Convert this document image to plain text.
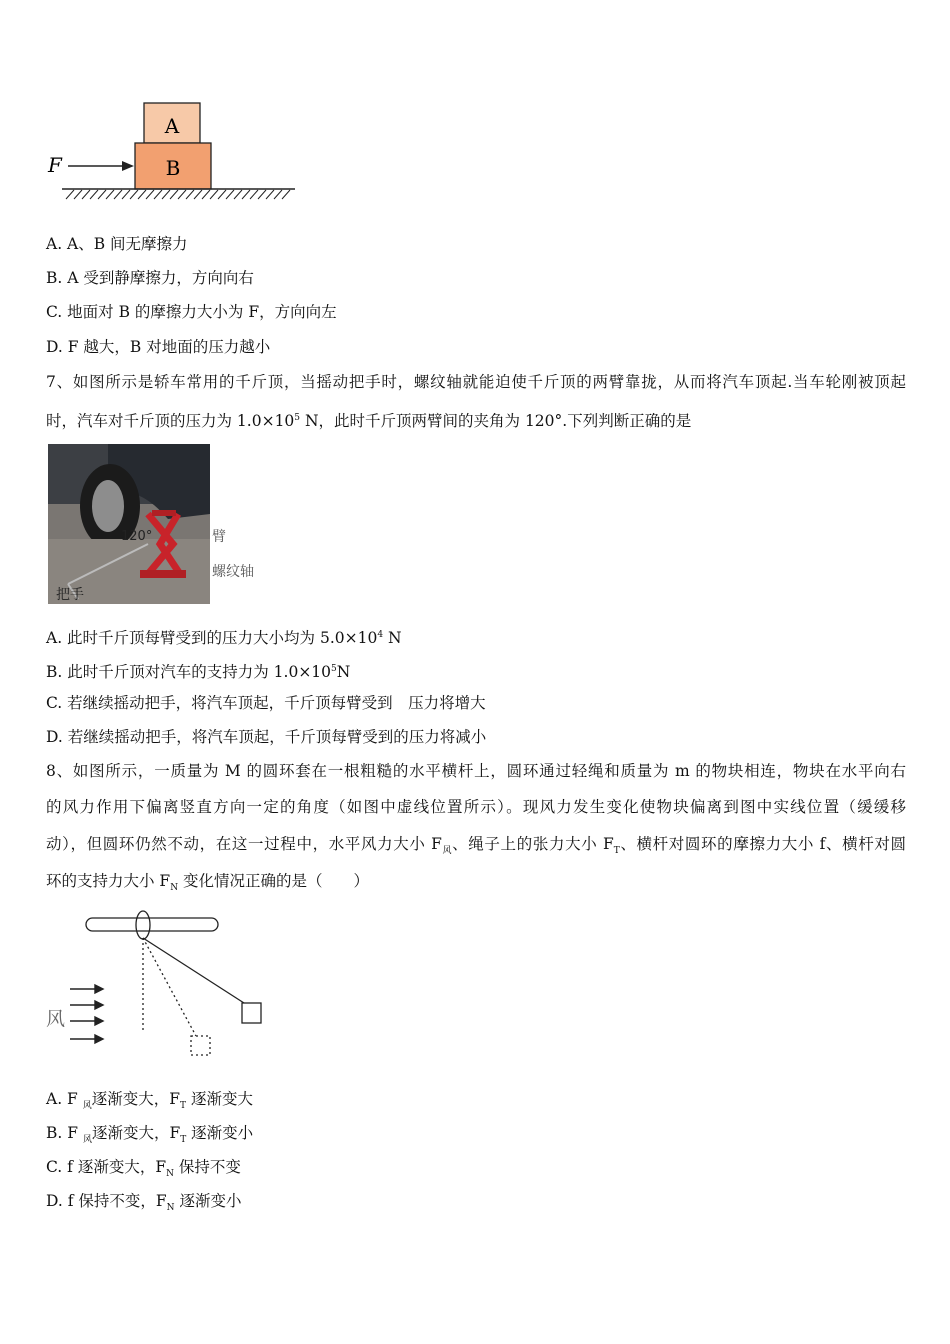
A
B
F
A. A、B 间无摩擦力
B. A 受到静摩擦力，方向向右
C. 地面对 B 的摩擦力大小为 F，方向向左
D. F 越大，B 对地面的压力越小
7、如图所示是轿车常用的千斤顶，当摇动把手时，螺纹轴就能迫使千斤顶的两臂靠拢，从而将汽车顶起.当车轮刚被顶起
时，汽车对千斤顶的压力为 $1.0\times 10^5$ N，此时千斤顶两臂间的夹角为 120°.下列判断正确的是
120°
把手
臂
螺纹轴
A. 此时千斤顶每臂受到的压力大小均为 $5.0\times 10^4$ N
B. 此时千斤顶对汽车的支持力为 $1.0\times 10^5N$
C. 若继续摇动把手，将汽车顶起，千斤顶每臂受到　压力将增大
D. 若继续摇动把手，将汽车顶起，千斤顶每臂受到的压力将减小
8、如图所示，一质量为 M 的圆环套在一根粗糙的水平横杆上，圆环通过轻绳和质量为 m 的物块相连，物块在水平向右
的风力作用下偏离竖直方向一定的角度（如图中虚线位置所示）。现风力发生变化使物块偏离到图中实线位置（缓缓移
动），但圆环仍然不动，在这一过程中，水平风力大小 $F_风$、绳子上的张力大小 $F_T$、横杆对圆环的摩擦力大小 f、横杆对圆
环的支持力大小 $F_N$ 变化情况正确的是（　　）
风
A. F $_风$逐渐变大，$F_T$ 逐渐变大
B. F $_风$逐渐变大，$F_T$ 逐渐变小
C. f 逐渐变大，$F_N$ 保持不变
D. f 保持不变，$F_N$ 逐渐变小
